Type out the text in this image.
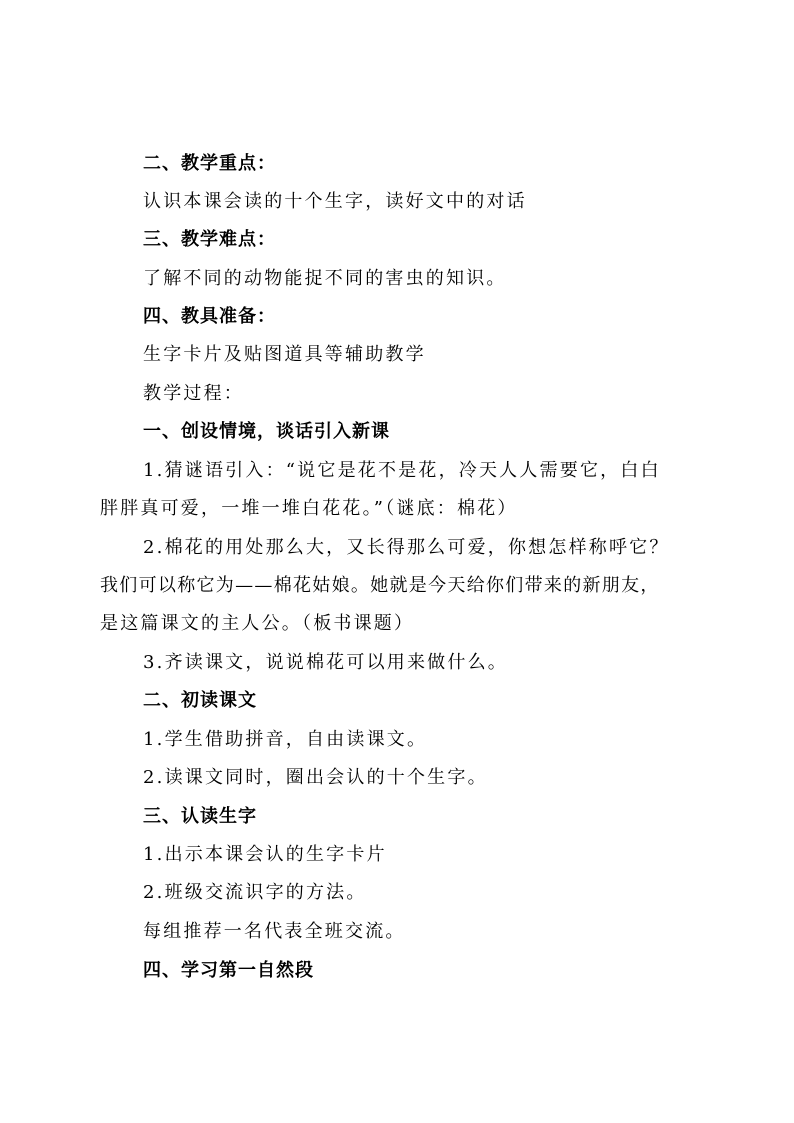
二、教学重点：
认识本课会读的十个生字，读好文中的对话
三、教学难点：
了解不同的动物能捉不同的害虫的知识。
四、教具准备：
生字卡片及贴图道具等辅助教学
教学过程：
一、创设情境，谈话引入新课
1.猜谜语引入：“说它是花不是花，冷天人人需要它，白白
胖胖真可爱，一堆一堆白花花。”（谜底：棉花）
2.棉花的用处那么大，又长得那么可爱，你想怎样称呼它？
我们可以称它为——棉花姑娘。她就是今天给你们带来的新朋友，
是这篇课文的主人公。（板书课题）
3.齐读课文，说说棉花可以用来做什么。
二、初读课文
1.学生借助拼音，自由读课文。
2.读课文同时，圈出会认的十个生字。
三、认读生字
1.出示本课会认的生字卡片
2.班级交流识字的方法。
每组推荐一名代表全班交流。
四、学习第一自然段
